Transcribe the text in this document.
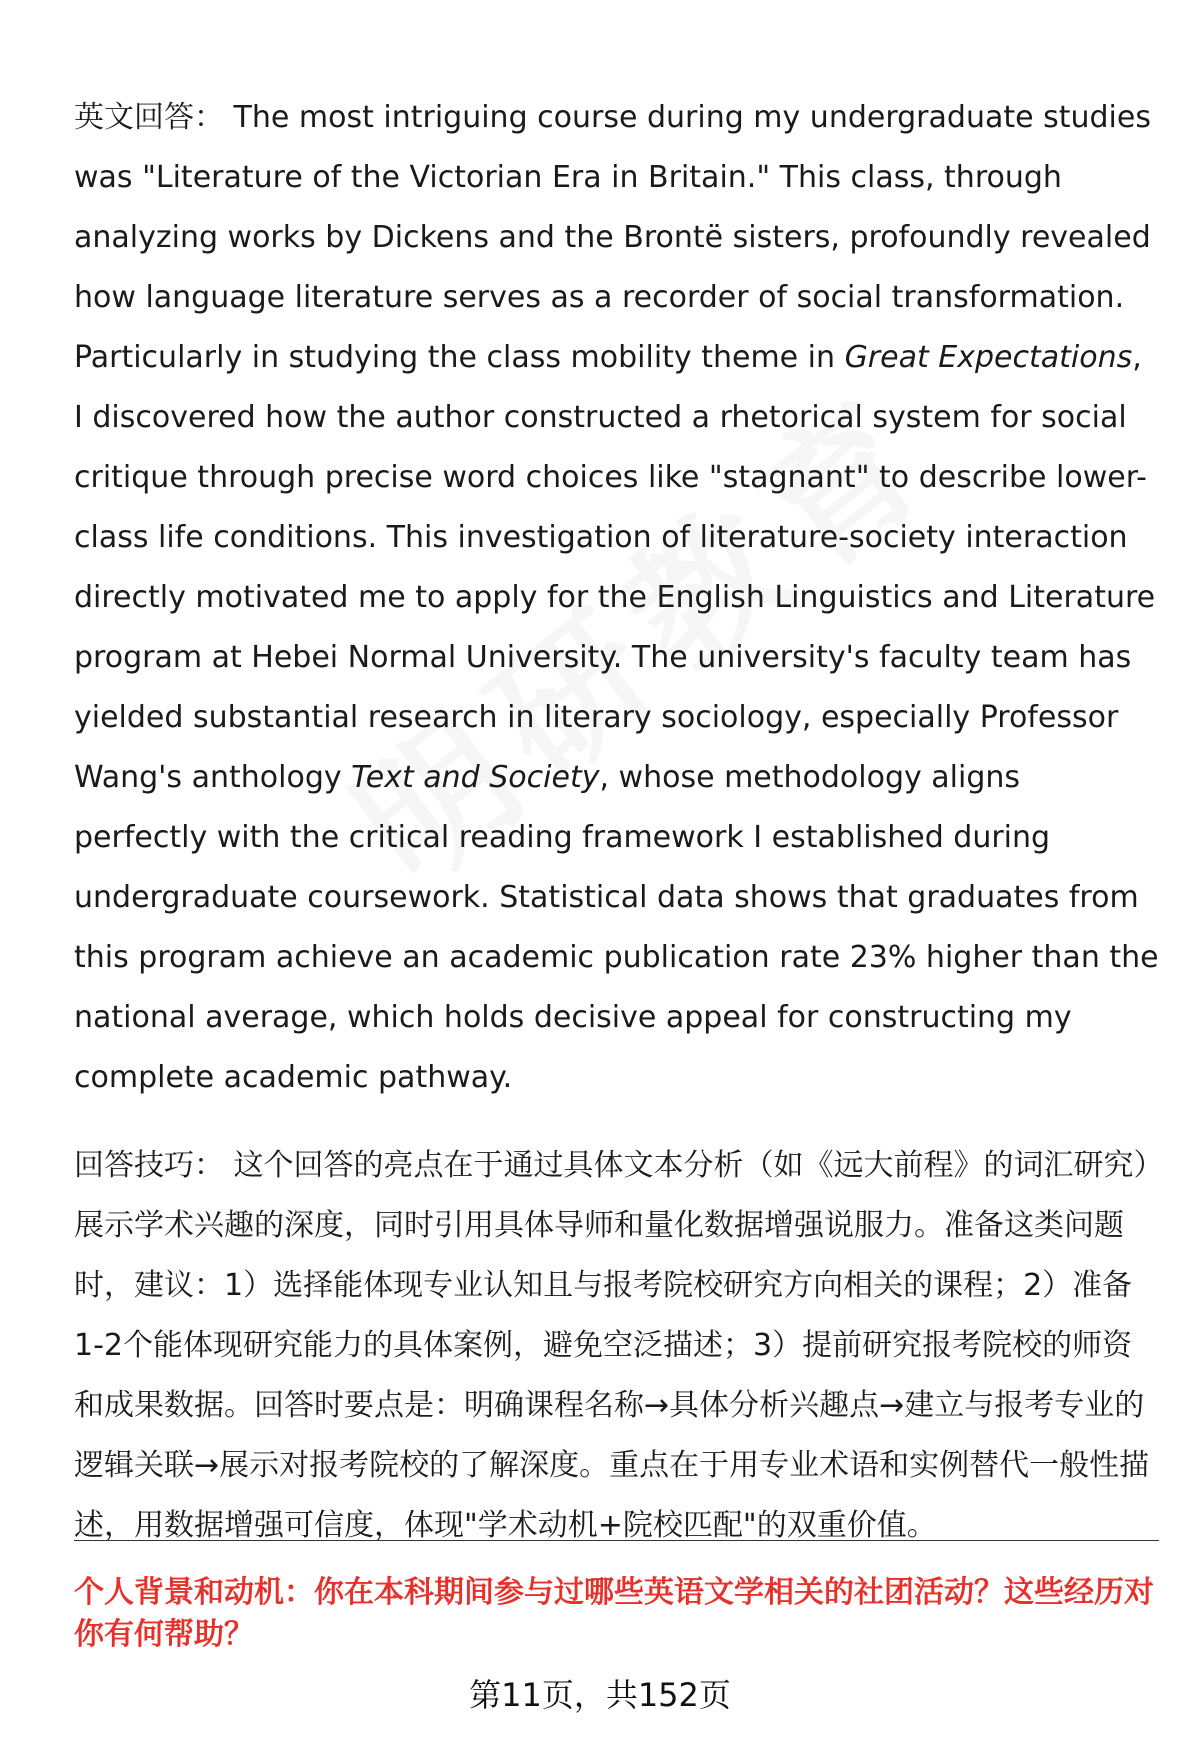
英文回答： The most intriguing course during my undergraduate studies was "Literature of the Victorian Era in Britain." This class, through analyzing works by Dickens and the Brontë sisters, profoundly revealed how language literature serves as a recorder of social transformation. Particularly in studying the class mobility theme in Great Expectations, I discovered how the author constructed a rhetorical system for social critique through precise word choices like "stagnant" to describe lower-class life conditions. This investigation of literature-society interaction directly motivated me to apply for the English Linguistics and Literature program at Hebei Normal University. The university's faculty team has yielded substantial research in literary sociology, especially Professor Wang's anthology Text and Society, whose methodology aligns perfectly with the critical reading framework I established during undergraduate coursework. Statistical data shows that graduates from this program achieve an academic publication rate 23% higher than the national average, which holds decisive appeal for constructing my complete academic pathway.

回答技巧： 这个回答的亮点在于通过具体文本分析（如《远大前程》的词汇研究）展示学术兴趣的深度，同时引用具体导师和量化数据增强说服力。准备这类问题时，建议：1）选择能体现专业认知且与报考院校研究方向相关的课程；2）准备1-2个能体现研究能力的具体案例，避免空泛描述；3）提前研究报考院校的师资和成果数据。回答时要点是：明确课程名称→具体分析兴趣点→建立与报考专业的逻辑关联→展示对报考院校的了解深度。重点在于用专业术语和实例替代一般性描述，用数据增强可信度，体现"学术动机+院校匹配"的双重价值。

个人背景和动机：你在本科期间参与过哪些英语文学相关的社团活动？这些经历对你有何帮助？

第11页，共152页
